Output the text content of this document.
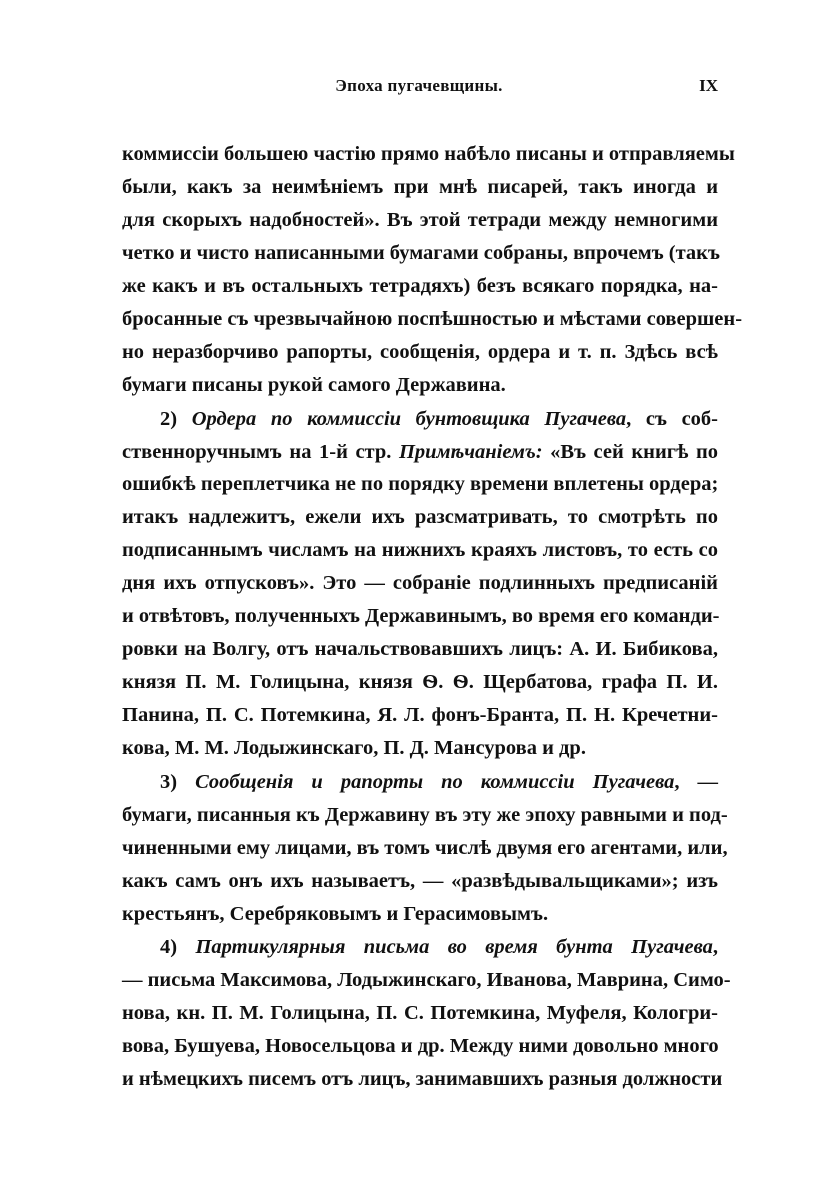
Эпоха пугачевщины.	IX
коммиссіи большею частію прямо набѣло писаны и отправляемы
были, какъ за неимѣніемъ при мнѣ писарей, такъ иногда и
для скорыхъ надобностей». Въ этой тетради между немногими
четко и чисто написанными бумагами собраны, впрочемъ (такъ
же какъ и въ остальныхъ тетрадяхъ) безъ всякаго порядка, на-
бросанные съ чрезвычайною поспѣшностью и мѣстами совершен-
но неразборчиво рапорты, сообщенія, ордера и т. п. Здѣсь всѣ
бумаги писаны рукой самого Державина.
2) Ордера по коммиссіи бунтовщика Пугачева, съ соб-
ственноручнымъ на 1-й стр. Примѣчаніемъ: «Въ сей книгѣ по
ошибкѣ переплетчика не по порядку времени вплетены ордера;
итакъ надлежитъ, ежели ихъ разсматривать, то смотрѣть по
подписаннымъ числамъ на нижнихъ краяхъ листовъ, то есть со
дня ихъ отпусковъ». Это — собраніе подлинныхъ предписаній
и отвѣтовъ, полученныхъ Державинымъ, во время его команди-
ровки на Волгу, отъ начальствовавшихъ лицъ: А. И. Бибикова,
князя П. М. Голицына, князя Ѳ. Ѳ. Щербатова, графа П. И.
Панина, П. С. Потемкина, Я. Л. фонъ-Бранта, П. Н. Кречетни-
кова, М. М. Лодыжинскаго, П. Д. Мансурова и др.
3) Сообщенія и рапорты по коммиссіи Пугачева, —
бумаги, писанныя къ Державину въ эту же эпоху равными и под-
чиненными ему лицами, въ томъ числѣ двумя его агентами, или,
какъ самъ онъ ихъ называетъ, — «развѣдывальщиками»; изъ
крестьянъ, Серебряковымъ и Герасимовымъ.
4) Партикулярныя письма во время бунта Пугачева,
— письма Максимова, Лодыжинскаго, Иванова, Маврина, Симо-
нова, кн. П. М. Голицына, П. С. Потемкина, Муфеля, Кологри-
вова, Бушуева, Новосельцова и др. Между ними довольно много
и нѣмецкихъ писемъ отъ лицъ, занимавшихъ разныя должности
